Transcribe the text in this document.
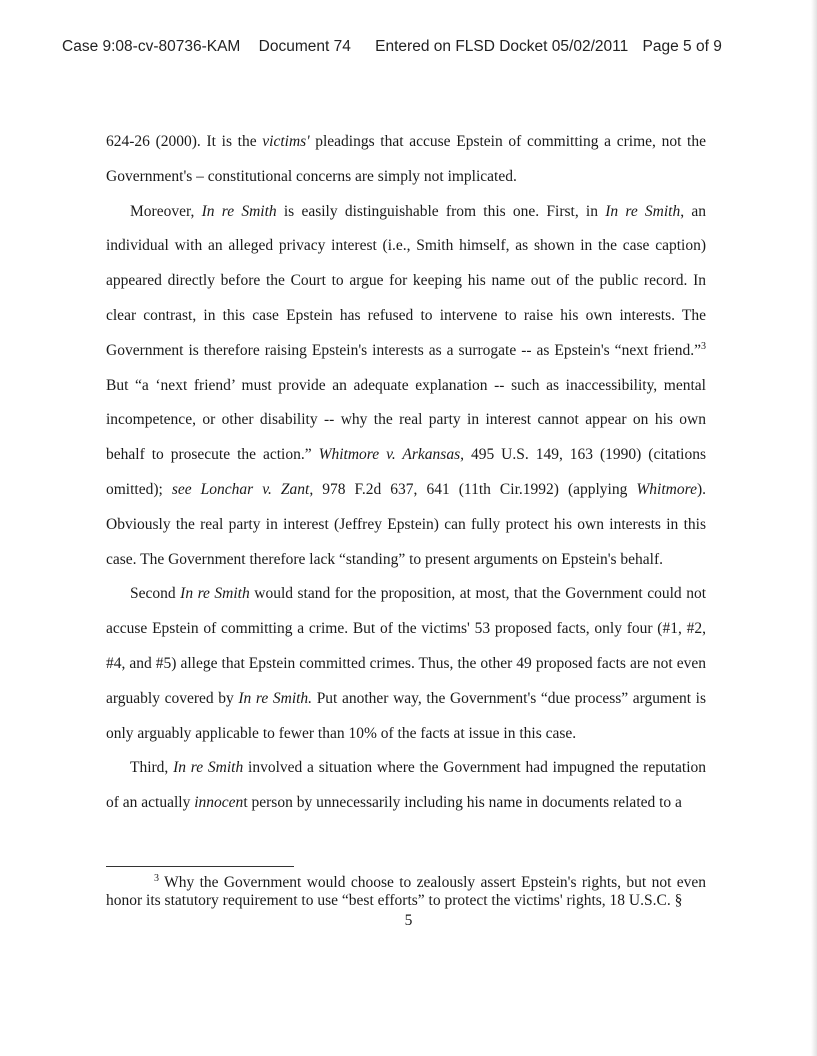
Case 9:08-cv-80736-KAM Document 74 Entered on FLSD Docket 05/02/2011 Page 5 of 9

624-26 (2000). It is the victims' pleadings that accuse Epstein of committing a crime, not the Government's – constitutional concerns are simply not implicated.

Moreover, In re Smith is easily distinguishable from this one. First, in In re Smith, an individual with an alleged privacy interest (i.e., Smith himself, as shown in the case caption) appeared directly before the Court to argue for keeping his name out of the public record. In clear contrast, in this case Epstein has refused to intervene to raise his own interests. The Government is therefore raising Epstein's interests as a surrogate -- as Epstein's “next friend.”$^3$ But “a ‘next friend’ must provide an adequate explanation -- such as inaccessibility, mental incompetence, or other disability -- why the real party in interest cannot appear on his own behalf to prosecute the action.” Whitmore v. Arkansas, 495 U.S. 149, 163 (1990) (citations omitted); see Lonchar v. Zant, 978 F.2d 637, 641 (11th Cir.1992) (applying Whitmore). Obviously the real party in interest (Jeffrey Epstein) can fully protect his own interests in this case. The Government therefore lack “standing” to present arguments on Epstein's behalf.

Second In re Smith would stand for the proposition, at most, that the Government could not accuse Epstein of committing a crime. But of the victims' 53 proposed facts, only four (#1, #2, #4, and #5) allege that Epstein committed crimes. Thus, the other 49 proposed facts are not even arguably covered by In re Smith. Put another way, the Government's “due process” argument is only arguably applicable to fewer than 10% of the facts at issue in this case.

Third, In re Smith involved a situation where the Government had impugned the reputation of an actually innocent person by unnecessarily including his name in documents related to a

$^3$ Why the Government would choose to zealously assert Epstein's rights, but not even honor its statutory requirement to use “best efforts” to protect the victims' rights, 18 U.S.C. §

5
